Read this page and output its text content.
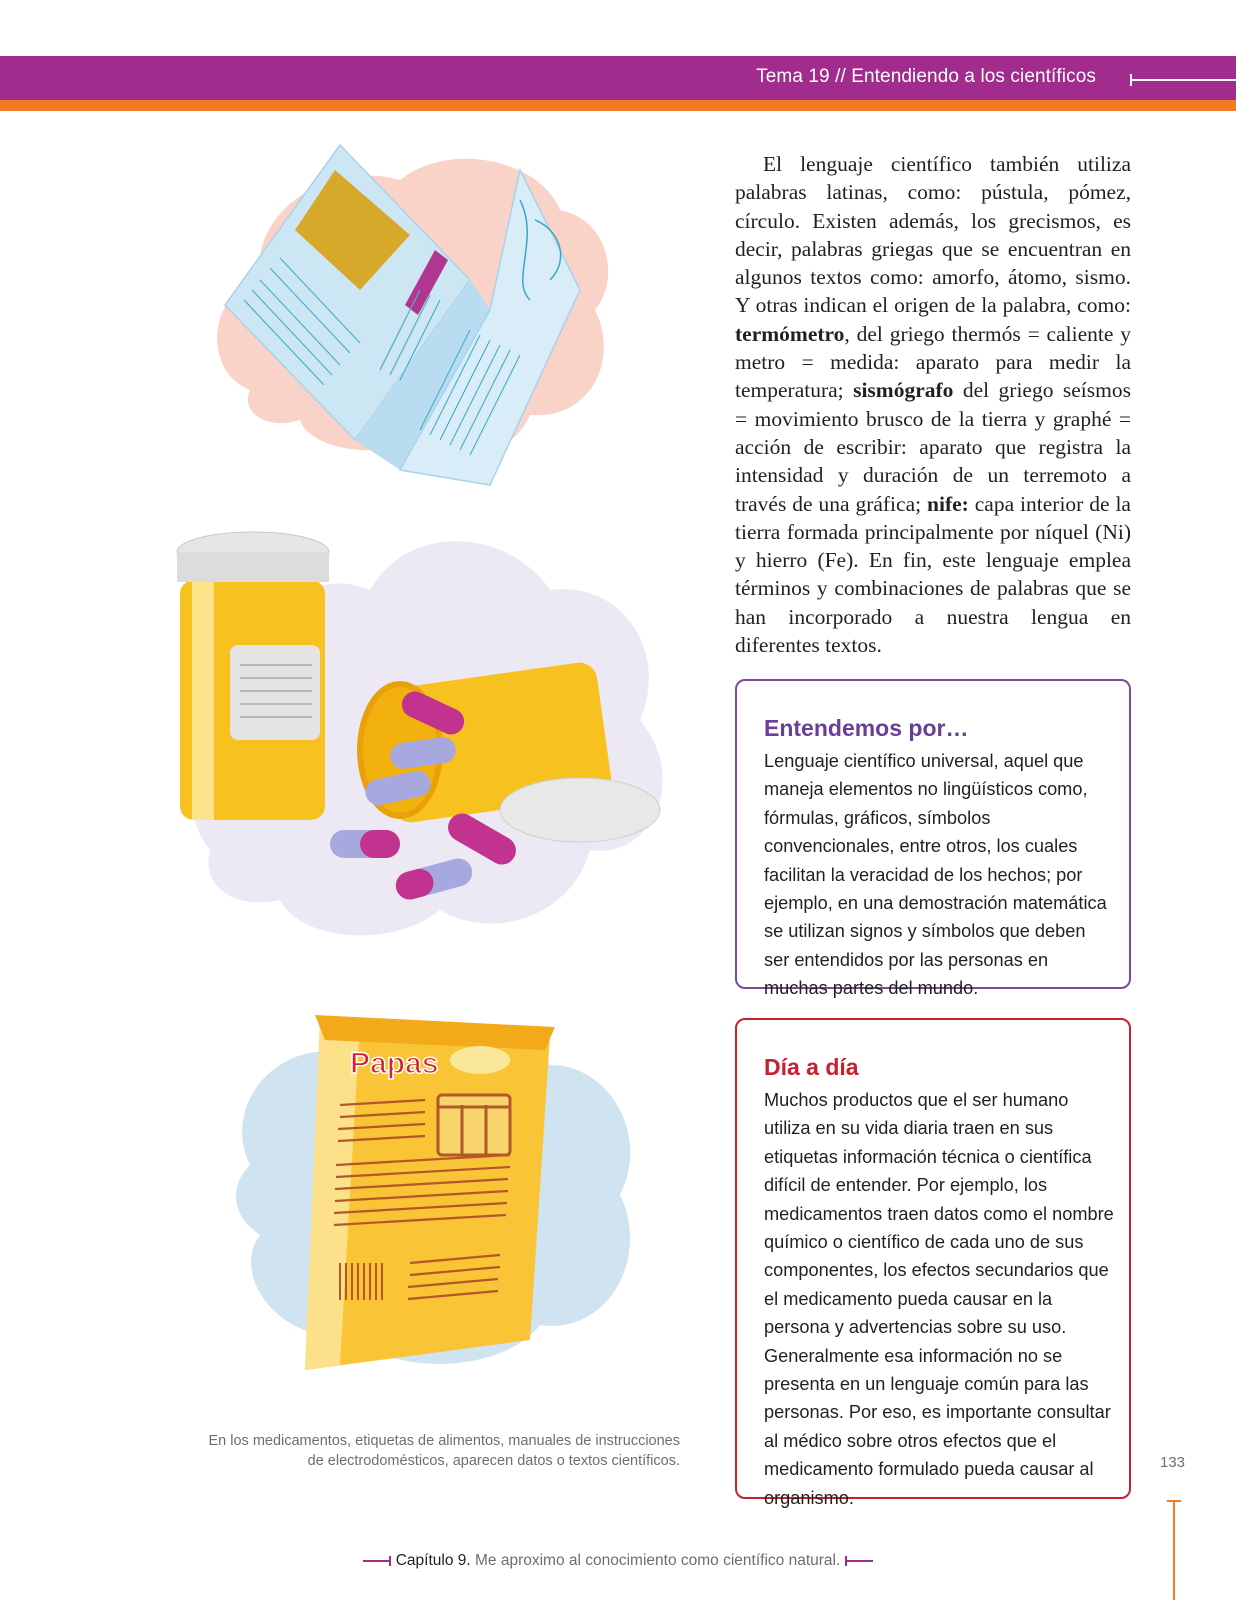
Tema 19 // Entendiendo a los científicos
Papas
El lenguaje científico también utiliza palabras latinas, como: pústula, pómez, círculo. Existen además, los grecismos, es decir, palabras griegas que se encuentran en algunos textos como: amorfo, átomo, sismo. Y otras indican el origen de la palabra, como: termómetro, del griego thermós = caliente y metro = medida: aparato para medir la temperatura; sismógrafo del griego seísmos = movimiento brusco de la tierra y graphé = acción de escribir: aparato que registra la intensidad y duración de un terremoto a través de una gráfica; nife: capa interior de la tierra formada principalmente por níquel (Ni) y hierro (Fe). En fin, este lenguaje emplea términos y combinaciones de palabras que se han incorporado a nuestra lengua en diferentes textos.
Entendemos por…
Lenguaje científico universal, aquel que maneja elementos no lingüísticos como, fórmulas, gráficos, símbolos convencionales, entre otros, los cuales facilitan la veracidad de los hechos; por ejemplo, en una demostración matemática se utilizan signos y símbolos que deben ser entendidos por las personas en muchas partes del mundo.
Día a día
Muchos productos que el ser humano utiliza en su vida diaria traen en sus etiquetas información técnica o científica difícil de entender. Por ejemplo, los medicamentos traen datos como el nombre químico o científico de cada uno de sus componentes, los efectos secundarios que el medicamento pueda causar en la persona y advertencias sobre su uso. Generalmente esa información no se presenta en un lenguaje común para las personas. Por eso, es importante consultar al médico sobre otros efectos que el medicamento formulado pueda causar al organismo.
En los medicamentos, etiquetas de alimentos, manuales de instrucciones
de electrodomésticos, aparecen datos o textos científicos.	133
Capítulo 9. Me aproximo al conocimiento como científico natural.
